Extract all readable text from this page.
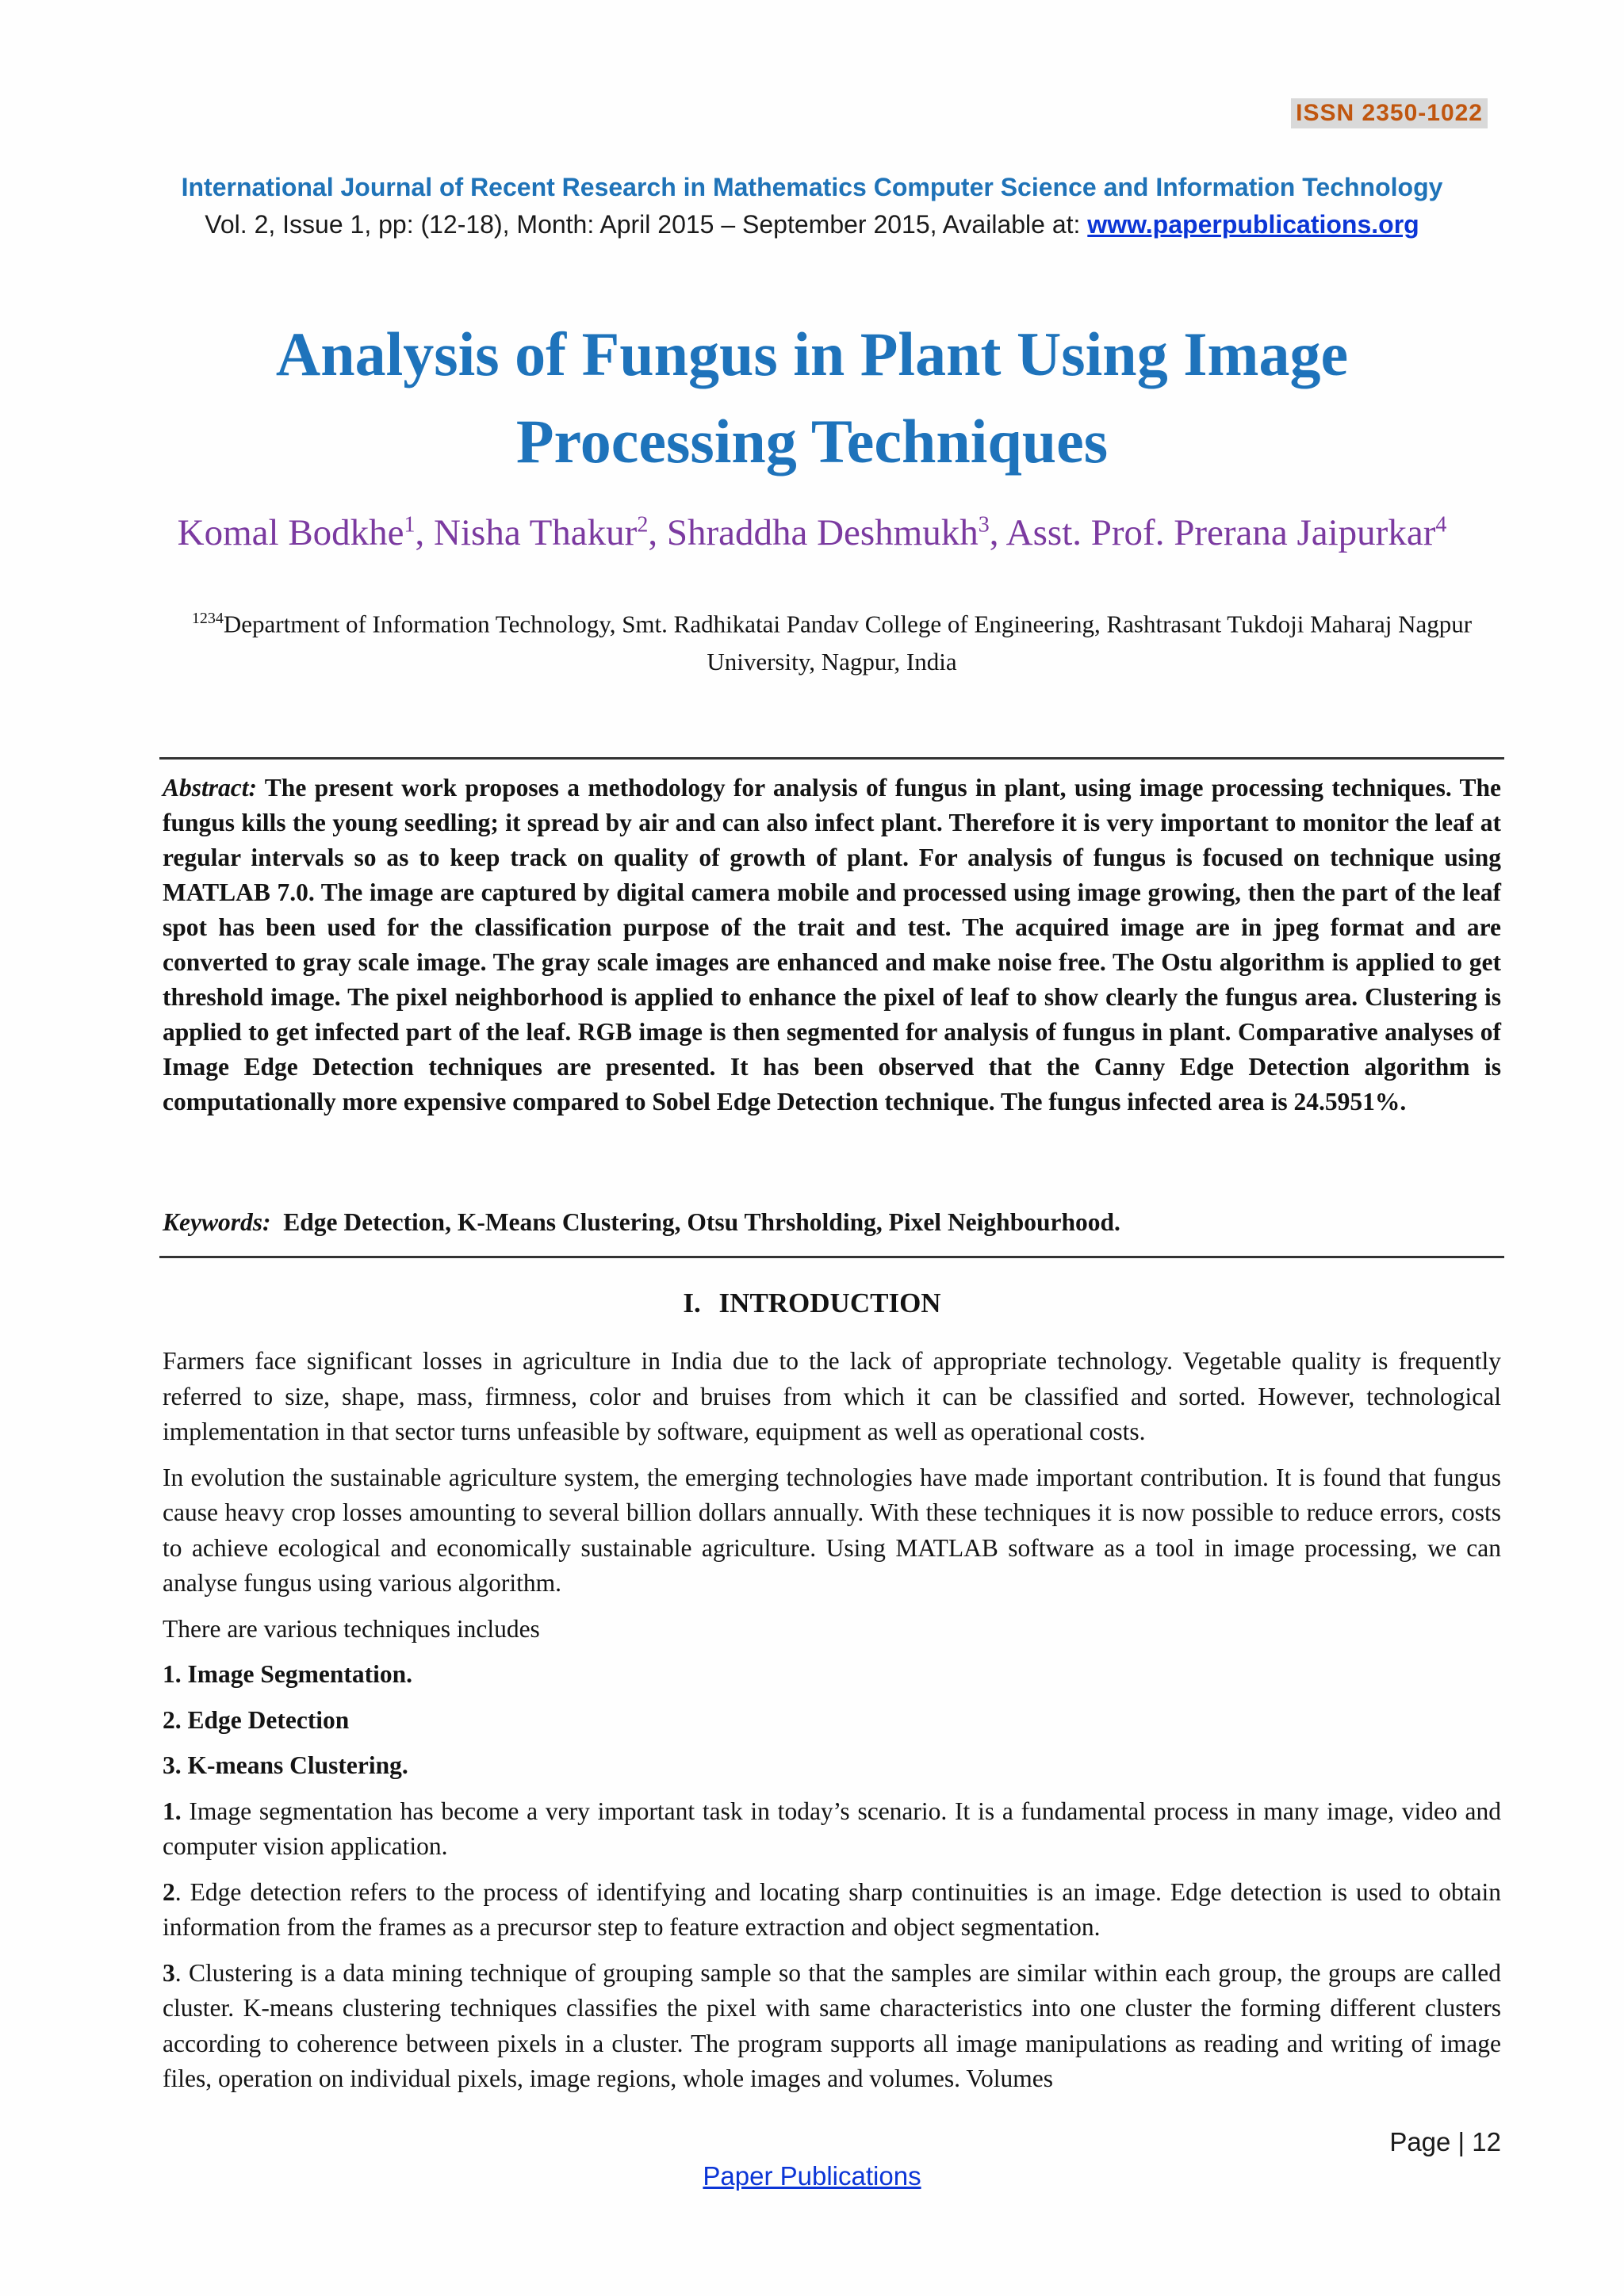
ISSN 2350-1022
International Journal of Recent Research in Mathematics Computer Science and Information Technology
Vol. 2, Issue 1, pp: (12-18), Month: April 2015 – September 2015, Available at: www.paperpublications.org
Analysis of Fungus in Plant Using Image
Processing Techniques
Komal Bodkhe$^1$, Nisha Thakur$^2$, Shraddha Deshmukh$^3$, Asst. Prof. Prerana Jaipurkar$^4$
$^{1234}$Department of Information Technology, Smt. Radhikatai Pandav College of Engineering, Rashtrasant Tukdoji Maharaj Nagpur University, Nagpur, India

Abstract: The present work proposes a methodology for analysis of fungus in plant, using image processing techniques. The fungus kills the young seedling; it spread by air and can also infect plant. Therefore it is very important to monitor the leaf at regular intervals so as to keep track on quality of growth of plant. For analysis of fungus is focused on technique using MATLAB 7.0. The image are captured by digital camera mobile and processed using image growing, then the part of the leaf spot has been used for the classification purpose of the trait and test. The acquired image are in jpeg format and are converted to gray scale image. The gray scale images are enhanced and make noise free. The Ostu algorithm is applied to get threshold image. The pixel neighborhood is applied to enhance the pixel of leaf to show clearly the fungus area. Clustering is applied to get infected part of the leaf. RGB image is then segmented for analysis of fungus in plant. Comparative analyses of Image Edge Detection techniques are presented. It has been observed that the Canny Edge Detection algorithm is computationally more expensive compared to Sobel Edge Detection technique. The fungus infected area is 24.5951%.

Keywords: Edge Detection, K-Means Clustering, Otsu Thrsholding, Pixel Neighbourhood.

I. INTRODUCTION

Farmers face significant losses in agriculture in India due to the lack of appropriate technology. Vegetable quality is frequently referred to size, shape, mass, firmness, color and bruises from which it can be classified and sorted. However, technological implementation in that sector turns unfeasible by software, equipment as well as operational costs.

In evolution the sustainable agriculture system, the emerging technologies have made important contribution. It is found that fungus cause heavy crop losses amounting to several billion dollars annually. With these techniques it is now possible to reduce errors, costs to achieve ecological and economically sustainable agriculture. Using MATLAB software as a tool in image processing, we can analyse fungus using various algorithm.

There are various techniques includes

1. Image Segmentation.

2. Edge Detection

3. K-means Clustering.

1. Image segmentation has become a very important task in today’s scenario. It is a fundamental process in many image, video and computer vision application.

2. Edge detection refers to the process of identifying and locating sharp continuities is an image. Edge detection is used to obtain information from the frames as a precursor step to feature extraction and object segmentation.

3. Clustering is a data mining technique of grouping sample so that the samples are similar within each group, the groups are called cluster. K-means clustering techniques classifies the pixel with same characteristics into one cluster the forming different clusters according to coherence between pixels in a cluster. The program supports all image manipulations as reading and writing of image files, operation on individual pixels, image regions, whole images and volumes. Volumes

Page | 12
Paper Publications
